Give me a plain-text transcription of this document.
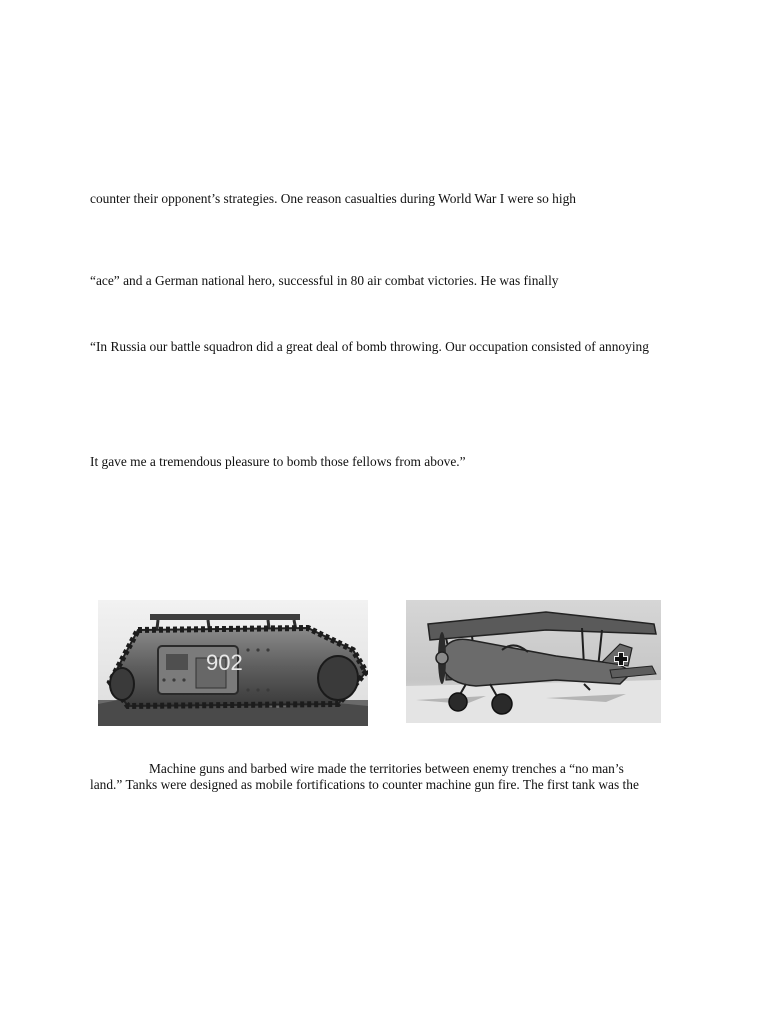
counter their opponent’s strategies. One reason casualties during World War I were so high

“ace” and a German national hero, successful in 80 air combat victories. He was finally

“In Russia our battle squadron did a great deal of bomb throwing. Our occupation consisted of annoying

It gave me a tremendous pleasure to bomb those fellows from above.”

902

Machine guns and barbed wire made the territories between enemy trenches a “no man’s

land.” Tanks were designed as mobile fortifications to counter machine gun fire. The first tank was the
